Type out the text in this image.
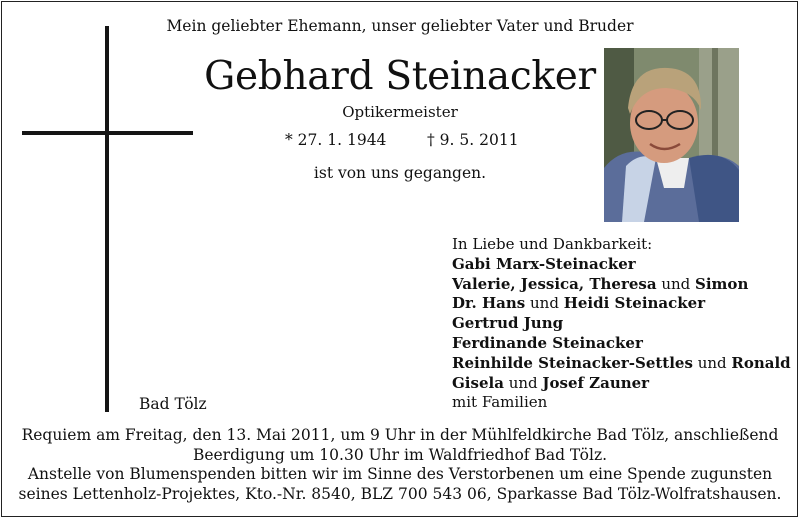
Mein geliebter Ehemann, unser geliebter Vater und Bruder
Gebhard Steinacker
Optikermeister
* 27. 1. 1944	† 9. 5. 2011
ist von uns gegangen.
In Liebe und Dankbarkeit:
Gabi Marx-Steinacker
Valerie, Jessica, Theresa und Simon
Dr. Hans und Heidi Steinacker
Gertrud Jung
Ferdinande Steinacker
Reinhilde Steinacker-Settles und Ronald
Gisela und Josef Zauner
mit Familien
Bad Tölz
Requiem am Freitag, den 13. Mai 2011, um 9 Uhr in der Mühlfeldkirche Bad Tölz, anschließend
Beerdigung um 10.30 Uhr im Waldfriedhof Bad Tölz.
Anstelle von Blumenspenden bitten wir im Sinne des Verstorbenen um eine Spende zugunsten
seines Lettenholz-Projektes, Kto.-Nr. 8540, BLZ 700 543 06, Sparkasse Bad Tölz-Wolfratshausen.
